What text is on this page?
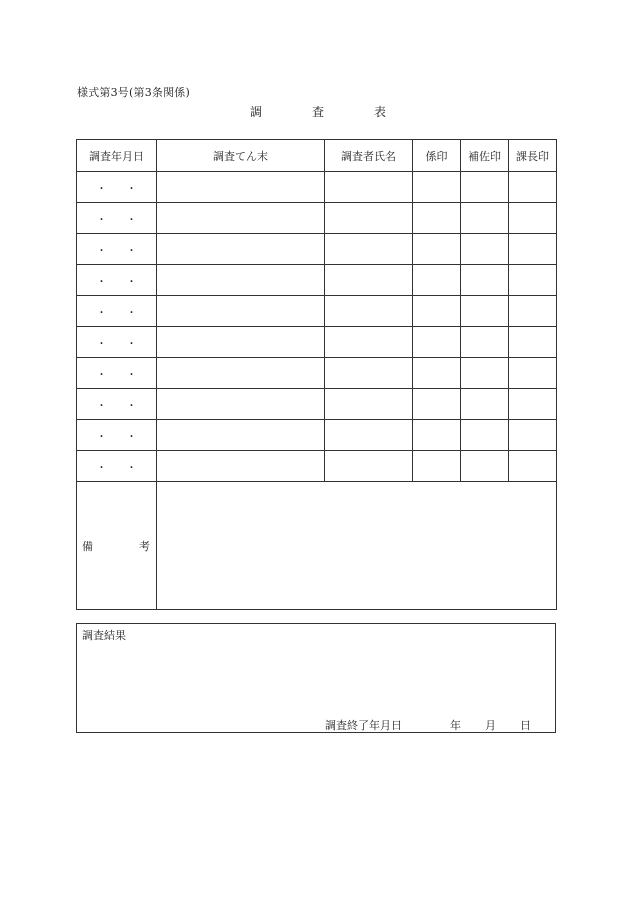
様式第3号(第3条関係)
調	査	表
調査年月日	調査てん末	調査者氏名	係印	補佐印	課長印

・ ・					

・ ・					

・ ・					

・ ・					

・ ・					

・ ・					

・ ・					

・ ・					

・ ・					

・ ・					

備 考					

調査結果
調査終了年月日	年 月 日
